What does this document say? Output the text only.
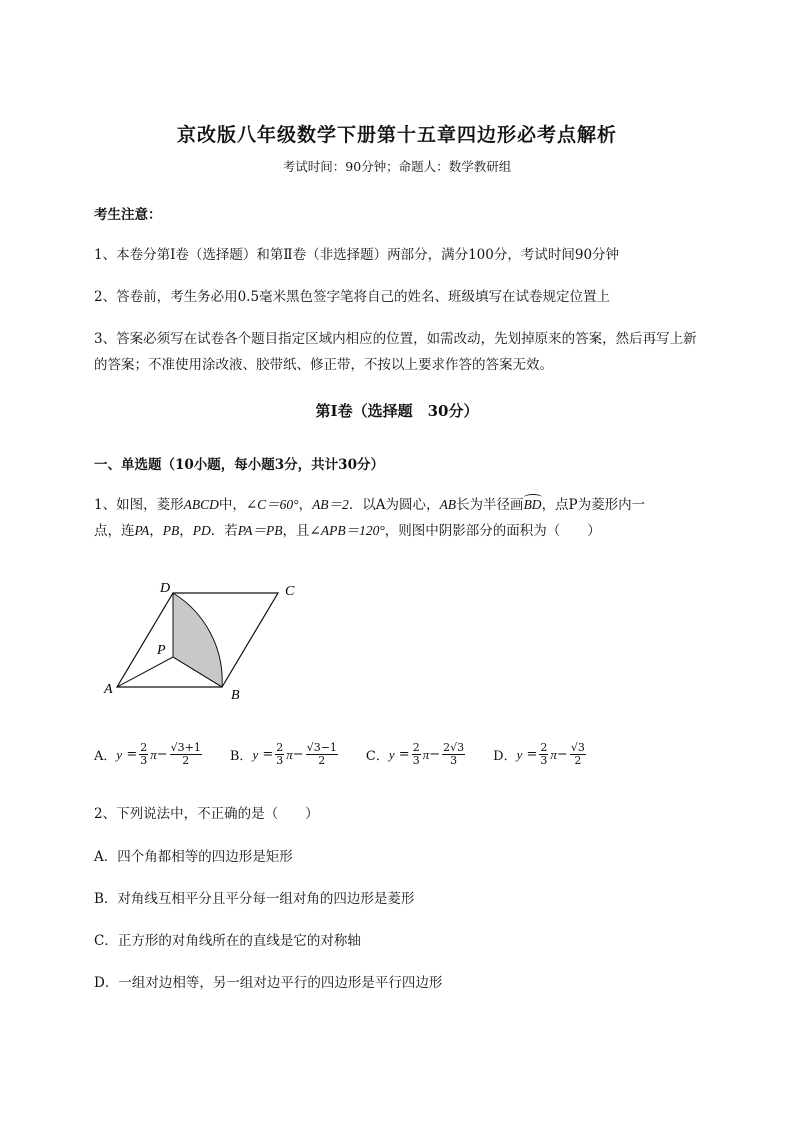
京改版八年级数学下册第十五章四边形必考点解析
考试时间：90分钟；命题人：数学教研组
考生注意：
1、本卷分第I卷（选择题）和第Ⅱ卷（非选择题）两部分，满分100分，考试时间90分钟
2、答卷前，考生务必用0.5毫米黑色签字笔将自己的姓名、班级填写在试卷规定位置上
3、答案必须写在试卷各个题目指定区域内相应的位置，如需改动，先划掉原来的答案，然后再写上新
的答案；不准使用涂改液、胶带纸、修正带，不按以上要求作答的答案无效。
第I卷（选择题　30分）
一、单选题（10小题，每小题3分，共计30分）
1、如图，菱形ABCD中，∠C＝60°，AB＝2．以A为圆心，AB长为半径画BD，点P为菱形内一
点，连PA，PB，PD．若PA＝PB，且∠APB＝120°，则图中阴影部分的面积为（　　）
D	C
P
A	B
A． y
= $\frac{2}{3}$ $\pi - \frac{√3+1}{2}$ B． y
= $\frac{2}{3}$ $\pi - \frac{√3-1}{2}$ C． y
= $\frac{2}{3}$ $\pi - \frac{2√3}{3}$ D． y
= $\frac{2}{3}$ $\pi - \frac{√3}{2}$
2、下列说法中，不正确的是（　　）
A．四个角都相等的四边形是矩形
B．对角线互相平分且平分每一组对角的四边形是菱形
C．正方形的对角线所在的直线是它的对称轴
D．一组对边相等，另一组对边平行的四边形是平行四边形
